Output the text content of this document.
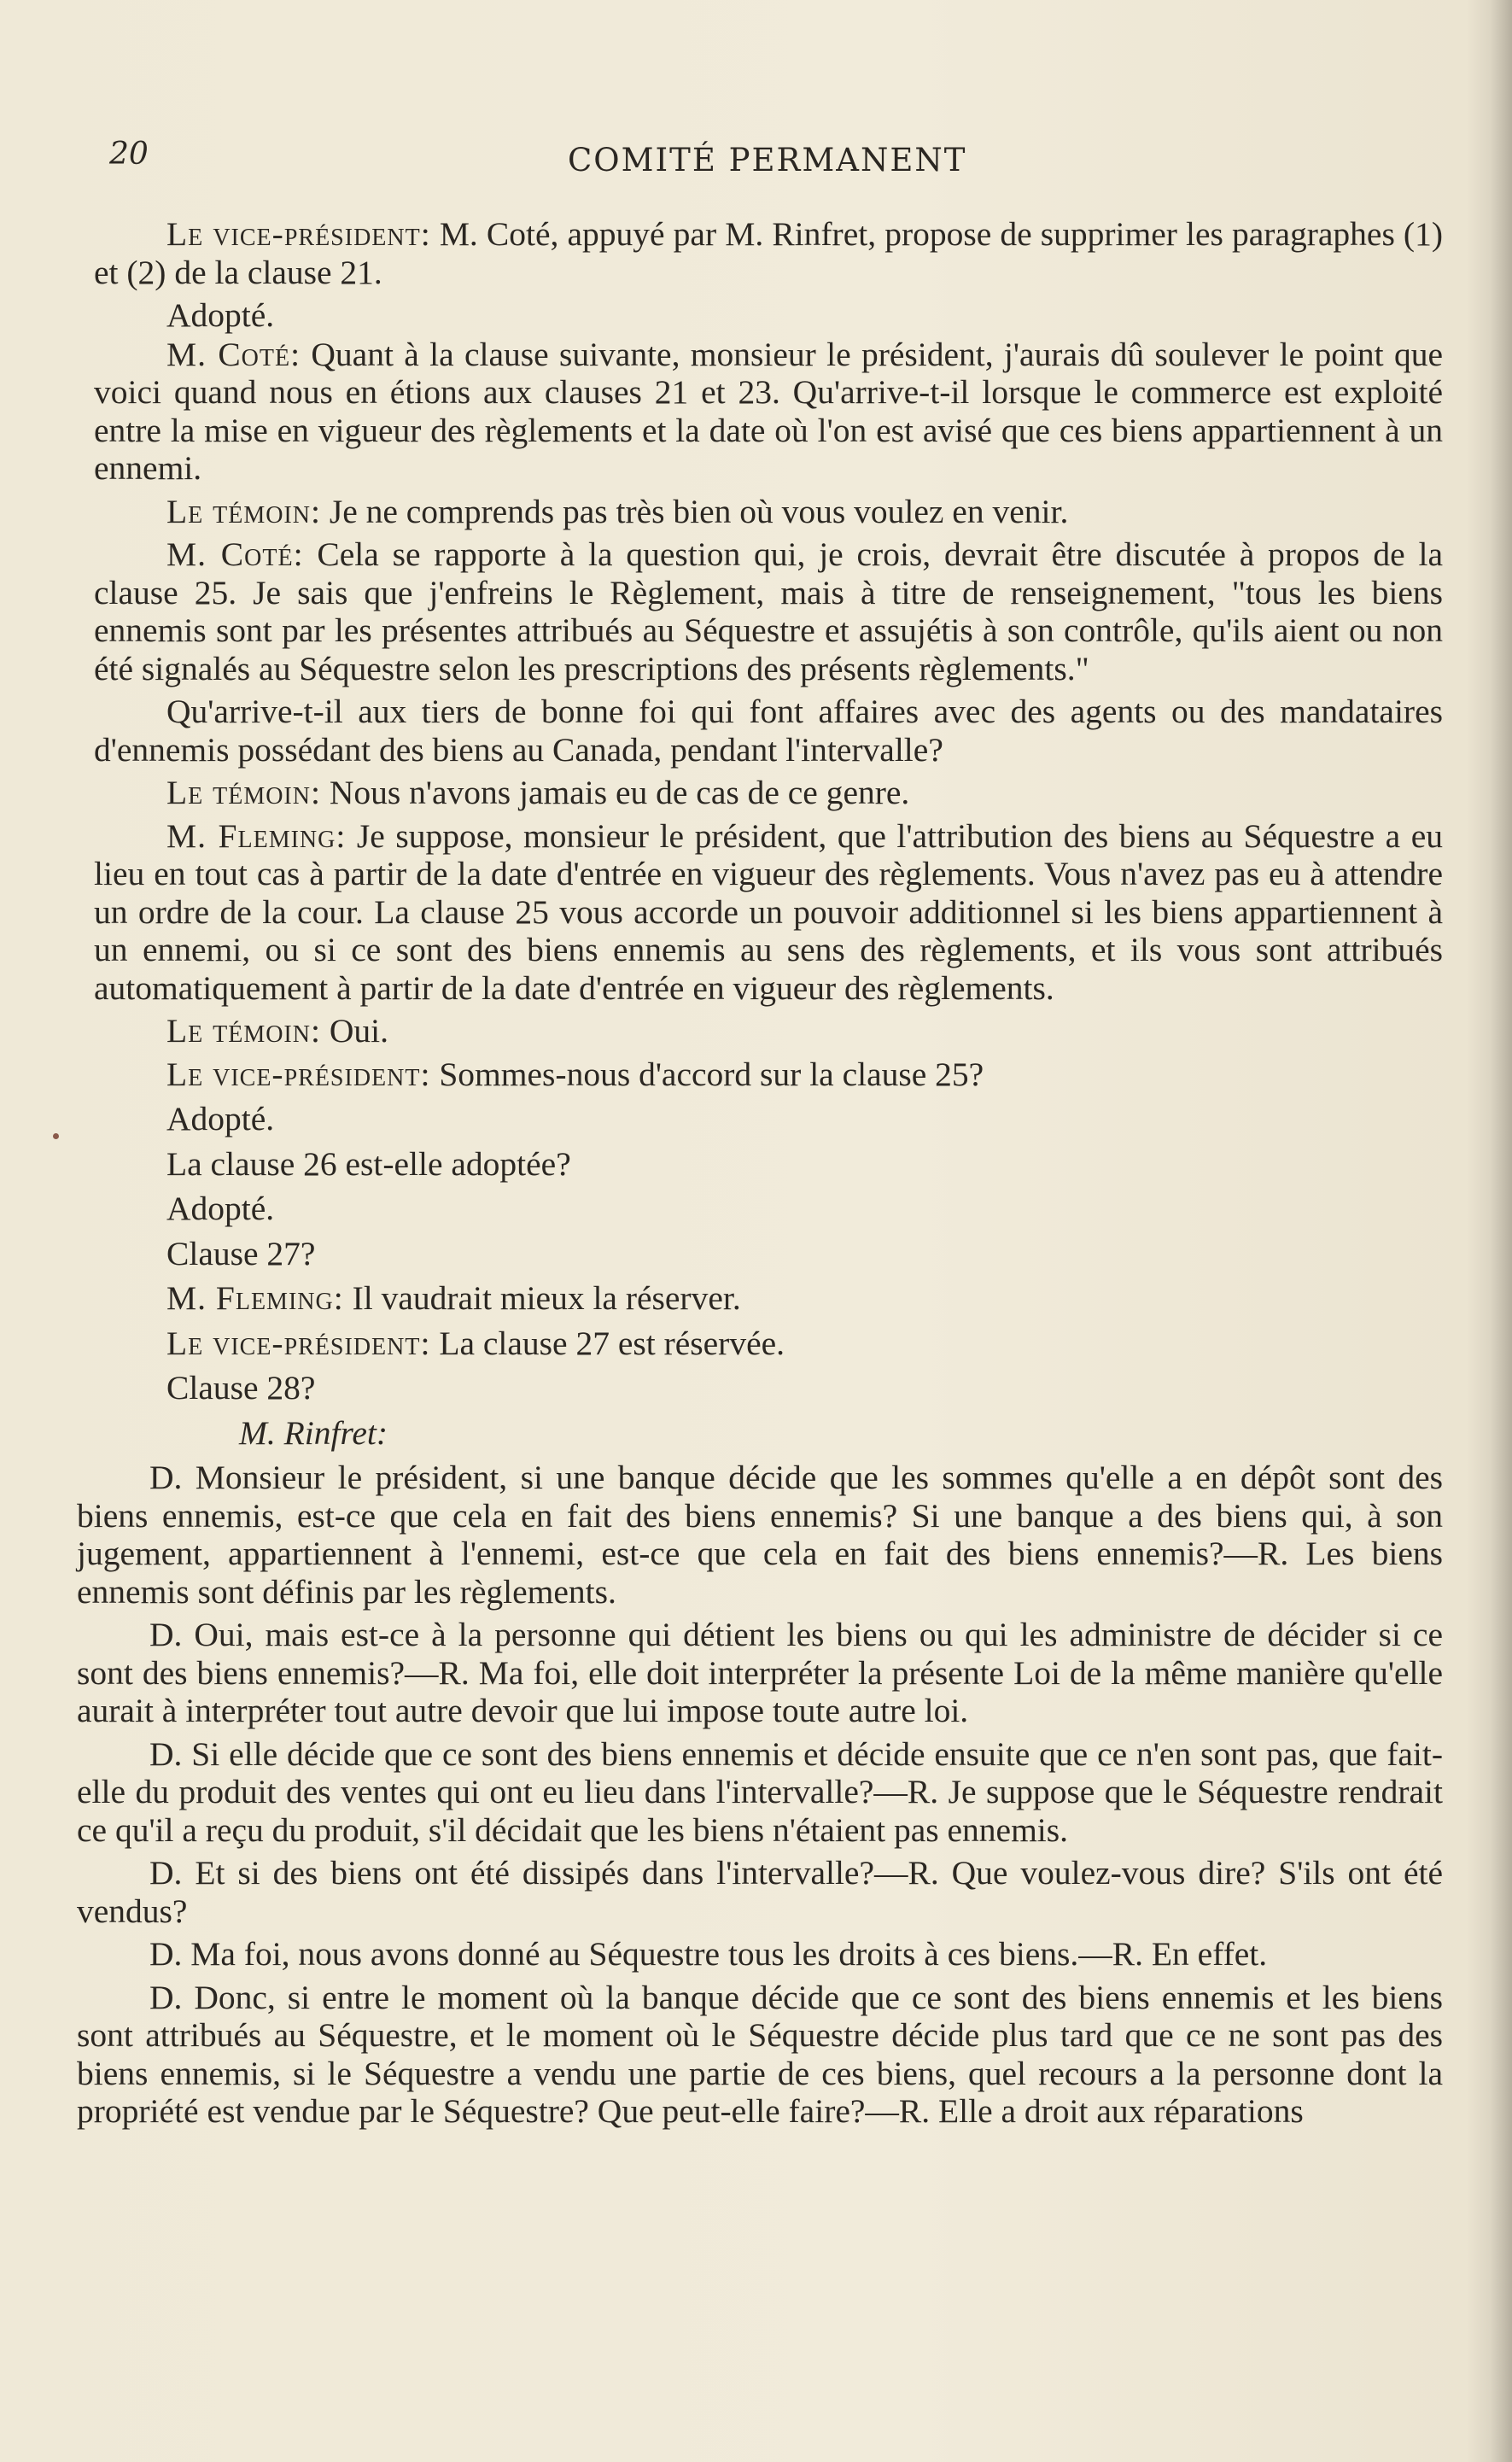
20	COMITÉ PERMANENT

Le vice-président: M. Coté, appuyé par M. Rinfret, propose de supprimer les paragraphes (1) et (2) de la clause 21.

Adopté.

M. Coté: Quant à la clause suivante, monsieur le président, j'aurais dû soulever le point que voici quand nous en étions aux clauses 21 et 23. Qu'arrive-t-il lorsque le commerce est exploité entre la mise en vigueur des règlements et la date où l'on est avisé que ces biens appartiennent à un ennemi.

Le témoin: Je ne comprends pas très bien où vous voulez en venir.

M. Coté: Cela se rapporte à la question qui, je crois, devrait être discutée à propos de la clause 25. Je sais que j'enfreins le Règlement, mais à titre de renseignement, "tous les biens ennemis sont par les présentes attribués au Séquestre et assujétis à son contrôle, qu'ils aient ou non été signalés au Séquestre selon les prescriptions des présents règlements."

Qu'arrive-t-il aux tiers de bonne foi qui font affaires avec des agents ou des mandataires d'ennemis possédant des biens au Canada, pendant l'intervalle?

Le témoin: Nous n'avons jamais eu de cas de ce genre.

M. Fleming: Je suppose, monsieur le président, que l'attribution des biens au Séquestre a eu lieu en tout cas à partir de la date d'entrée en vigueur des règlements. Vous n'avez pas eu à attendre un ordre de la cour. La clause 25 vous accorde un pouvoir additionnel si les biens appartiennent à un ennemi, ou si ce sont des biens ennemis au sens des règlements, et ils vous sont attribués automatiquement à partir de la date d'entrée en vigueur des règlements.

Le témoin: Oui.

Le vice-président: Sommes-nous d'accord sur la clause 25?

Adopté.

La clause 26 est-elle adoptée?

Adopté.

Clause 27?

M. Fleming: Il vaudrait mieux la réserver.

Le vice-président: La clause 27 est réservée.

Clause 28?

M. Rinfret:

D. Monsieur le président, si une banque décide que les sommes qu'elle a en dépôt sont des biens ennemis, est-ce que cela en fait des biens ennemis? Si une banque a des biens qui, à son jugement, appartiennent à l'ennemi, est-ce que cela en fait des biens ennemis?—R. Les biens ennemis sont définis par les règlements.

D. Oui, mais est-ce à la personne qui détient les biens ou qui les administre de décider si ce sont des biens ennemis?—R. Ma foi, elle doit interpréter la présente Loi de la même manière qu'elle aurait à interpréter tout autre devoir que lui impose toute autre loi.

D. Si elle décide que ce sont des biens ennemis et décide ensuite que ce n'en sont pas, que fait-elle du produit des ventes qui ont eu lieu dans l'intervalle?—R. Je suppose que le Séquestre rendrait ce qu'il a reçu du produit, s'il décidait que les biens n'étaient pas ennemis.

D. Et si des biens ont été dissipés dans l'intervalle?—R. Que voulez-vous dire? S'ils ont été vendus?

D. Ma foi, nous avons donné au Séquestre tous les droits à ces biens.—R. En effet.

D. Donc, si entre le moment où la banque décide que ce sont des biens ennemis et les biens sont attribués au Séquestre, et le moment où le Séquestre décide plus tard que ce ne sont pas des biens ennemis, si le Séquestre a vendu une partie de ces biens, quel recours a la personne dont la propriété est vendue par le Séquestre? Que peut-elle faire?—R. Elle a droit aux réparations
